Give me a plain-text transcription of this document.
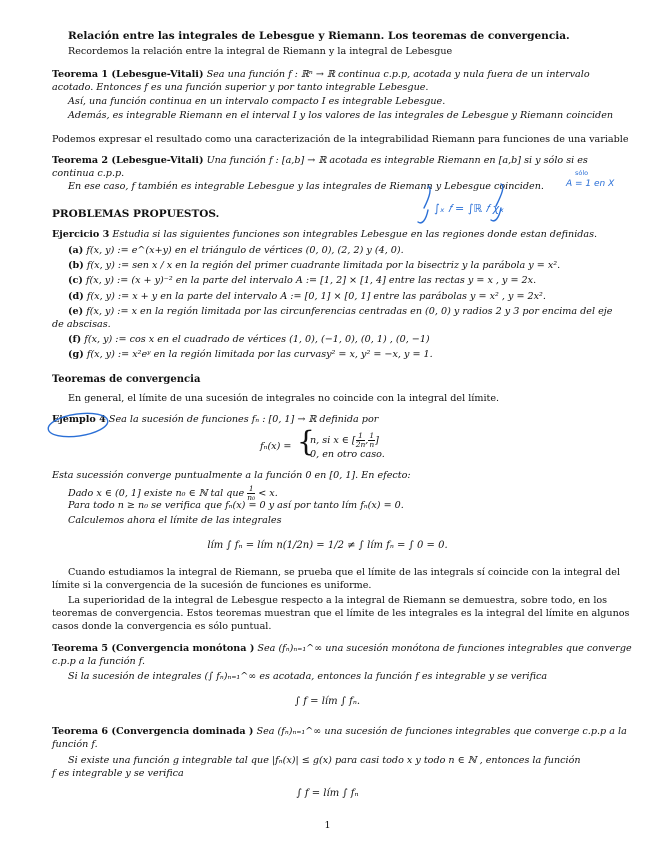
Relación entre las integrales de Lebesgue y Riemann. Los teoremas de convergencia.
Recordemos la relación entre la integral de Riemann y la integral de Lebesgue
Teorema 1 (Lebesgue-Vitali) Sea una función f : ℝⁿ → ℝ continua c.p.p, acotada y nula fuera de un intervalo
acotado. Entonces f es una función superior y por tanto integrable Lebesgue.
Así, una función continua en un intervalo compacto I es integrable Lebesgue.
Además, es integrable Riemann en el interval I y los valores de las integrales de Lebesgue y Riemann coinciden
Podemos expresar el resultado como una caracterización de la integrabilidad Riemann para funciones de una variable
Teorema 2 (Lebesgue-Vitali) Una función f : [a,b] → ℝ acotada es integrable Riemann en [a,b] si y sólo si es
continua c.p.p.
En ese caso, f también es integrable Lebesgue y las integrales de Riemann y Lebesgue coinciden.
PROBLEMAS PROPUESTOS.
Ejercicio 3 Estudia si las siguientes funciones son integrables Lebesgue en las regiones donde estan definidas.
(a) f(x, y) := e^(x+y) en el triángulo de vértices (0, 0), (2, 2) y (4, 0).
(b) f(x, y) := sen x / x en la región del primer cuadrante limitada por la bisectriz y la parábola y = x².
(c) f(x, y) := (x + y)⁻² en la parte del intervalo A := [1, 2] × [1, 4] entre las rectas y = x , y = 2x.
(d) f(x, y) := x + y en la parte del intervalo A := [0, 1] × [0, 1] entre las parábolas y = x² , y = 2x².
(e) f(x, y) := x en la región limitada por las circunferencias centradas en (0, 0) y radios 2 y 3 por encima del eje
de abscisas.
(f) f(x, y) := cos x en el cuadrado de vértices (1, 0), (−1, 0), (0, 1) , (0, −1)
(g) f(x, y) := x²eʸ en la región limitada por las curvasy² = x, y² = −x, y = 1.
Teoremas de convergencia
En general, el límite de una sucesión de integrales no coincide con la integral del límite.
Ejemplo 4 Sea la sucesión de funciones fₙ : [0, 1] → ℝ definida por
fₙ(x) = {
n, si x ∈ [ $\frac{1}{2n}$ , $\frac{1}{n}$ ]
0, en otro caso.
Esta sucessión converge puntualmente a la función 0 en [0, 1]. En efecto:
Dado x ∈ (0, 1] existe n₀ ∈ ℕ tal que $\frac{1}{\text{n₀}} < x$.
Para todo n ≥ n₀ se verifica que fₙ(x) = 0 y así por tanto lím fₙ(x) = 0.
Calculemos ahora el límite de las integrales
lím ∫ fₙ = lím n(1/2n) = 1/2 ≠ ∫ lím fₙ = ∫ 0 = 0.
Cuando estudiamos la integral de Riemann, se prueba que el límite de las integrals sí coincide con la integral del
límite si la convergencia de la sucesión de funciones es uniforme.
La superioridad de la integral de Lebesgue respecto a la integral de Riemann se demuestra, sobre todo, en los
teoremas de convergencia. Estos teoremas muestran que el límite de les integrales es la integral del límite en algunos
casos donde la convergencia es sólo puntual.
Teorema 5 (Convergencia monótona ) Sea (fₙ)ₙ₌₁^∞ una sucesión monótona de funciones integrables que converge
c.p.p a la función f.
Si la sucesión de integrales (∫ fₙ)ₙ₌₁^∞ es acotada, entonces la función f es integrable y se verifica
∫ f = lím ∫ fₙ.
Teorema 6 (Convergencia dominada ) Sea (fₙ)ₙ₌₁^∞ una sucesión de funciones integrables que converge c.p.p a la
función f.
Si existe una función g integrable tal que |fₙ(x)| ≤ g(x) para casi todo x y todo n ∈ ℕ , entonces la función
f es integrable y se verifica
∫ f = lím ∫ fₙ
1
∫ₓ 𝑓 = ∫ℝ 𝑓 χₓ
sólo
A = 1 en X
